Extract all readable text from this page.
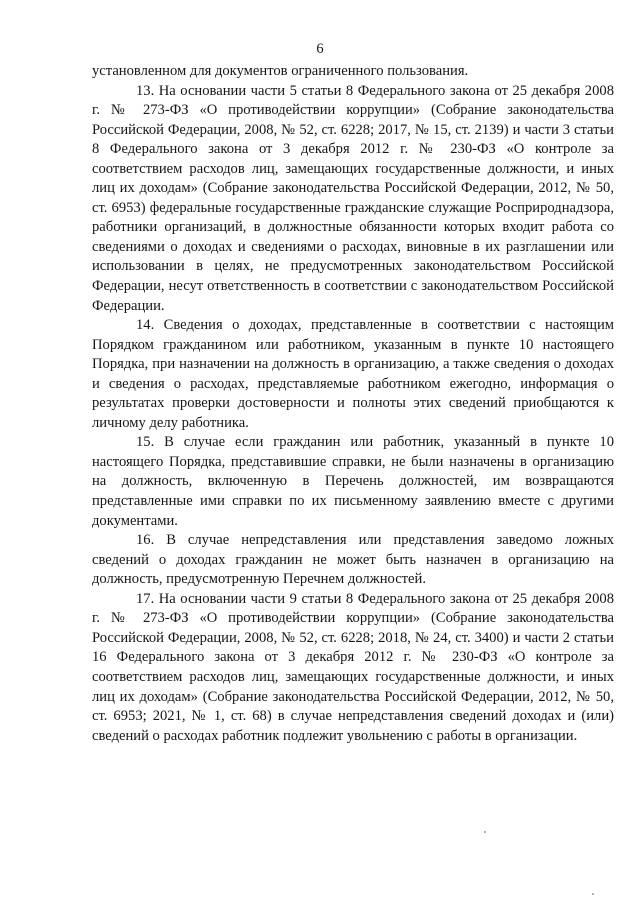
6

установленном для документов ограниченного пользования.

13. На основании части 5 статьи 8 Федерального закона от 25 декабря 2008 г. № 273-ФЗ «О противодействии коррупции» (Собрание законодательства Российской Федерации, 2008, № 52, ст. 6228; 2017, № 15, ст. 2139) и части 3 статьи 8 Федерального закона от 3 декабря 2012 г. № 230-ФЗ «О контроле за соответствием расходов лиц, замещающих государственные должности, и иных лиц их доходам» (Собрание законодательства Российской Федерации, 2012, № 50, ст. 6953) федеральные государственные гражданские служащие Росприроднадзора, работники организаций, в должностные обязанности которых входит работа со сведениями о доходах и сведениями о расходах, виновные в их разглашении или использовании в целях, не предусмотренных законодательством Российской Федерации, несут ответственность в соответствии с законодательством Российской Федерации.

14. Сведения о доходах, представленные в соответствии с настоящим Порядком гражданином или работником, указанным в пункте 10 настоящего Порядка, при назначении на должность в организацию, а также сведения о доходах и сведения о расходах, представляемые работником ежегодно, информация о результатах проверки достоверности и полноты этих сведений приобщаются к личному делу работника.

15. В случае если гражданин или работник, указанный в пункте 10 настоящего Порядка, представившие справки, не были назначены в организацию на должность, включенную в Перечень должностей, им возвращаются представленные ими справки по их письменному заявлению вместе с другими документами.

16. В случае непредставления или представления заведомо ложных сведений о доходах гражданин не может быть назначен в организацию на должность, предусмотренную Перечнем должностей.

17. На основании части 9 статьи 8 Федерального закона от 25 декабря 2008 г. № 273-ФЗ «О противодействии коррупции» (Собрание законодательства Российской Федерации, 2008, № 52, ст. 6228; 2018, № 24, ст. 3400) и части 2 статьи 16 Федерального закона от 3 декабря 2012 г. № 230-ФЗ «О контроле за соответствием расходов лиц, замещающих государственные должности, и иных лиц их доходам» (Собрание законодательства Российской Федерации, 2012, № 50, ст. 6953; 2021, № 1, ст. 68) в случае непредставления сведений доходах и (или) сведений о расходах работник подлежит увольнению с работы в организации.
